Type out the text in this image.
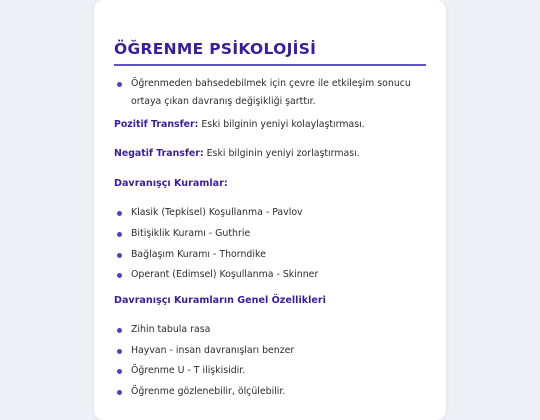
ÖĞRENME PSİKOLOJİSİ
Öğrenmeden bahsedebilmek için çevre ile etkileşim sonucu ortaya çıkan davranış değişikliği şarttır.
Pozitif Transfer: Eski bilginin yeniyi kolaylaştırması.
Negatif Transfer: Eski bilginin yeniyi zorlaştırması.
Davranışçı Kuramlar:
Klasik (Tepkisel) Koşullanma - Pavlov
Bitişiklik Kuramı - Guthrie
Bağlaşım Kuramı - Thorndike
Operant (Edimsel) Koşullanma - Skinner
Davranışçı Kuramların Genel Özellikleri
Zihin tabula rasa
Hayvan - insan davranışları benzer
Öğrenme U - T ilişkisidir.
Öğrenme gözlenebilir, ölçülebilir.
